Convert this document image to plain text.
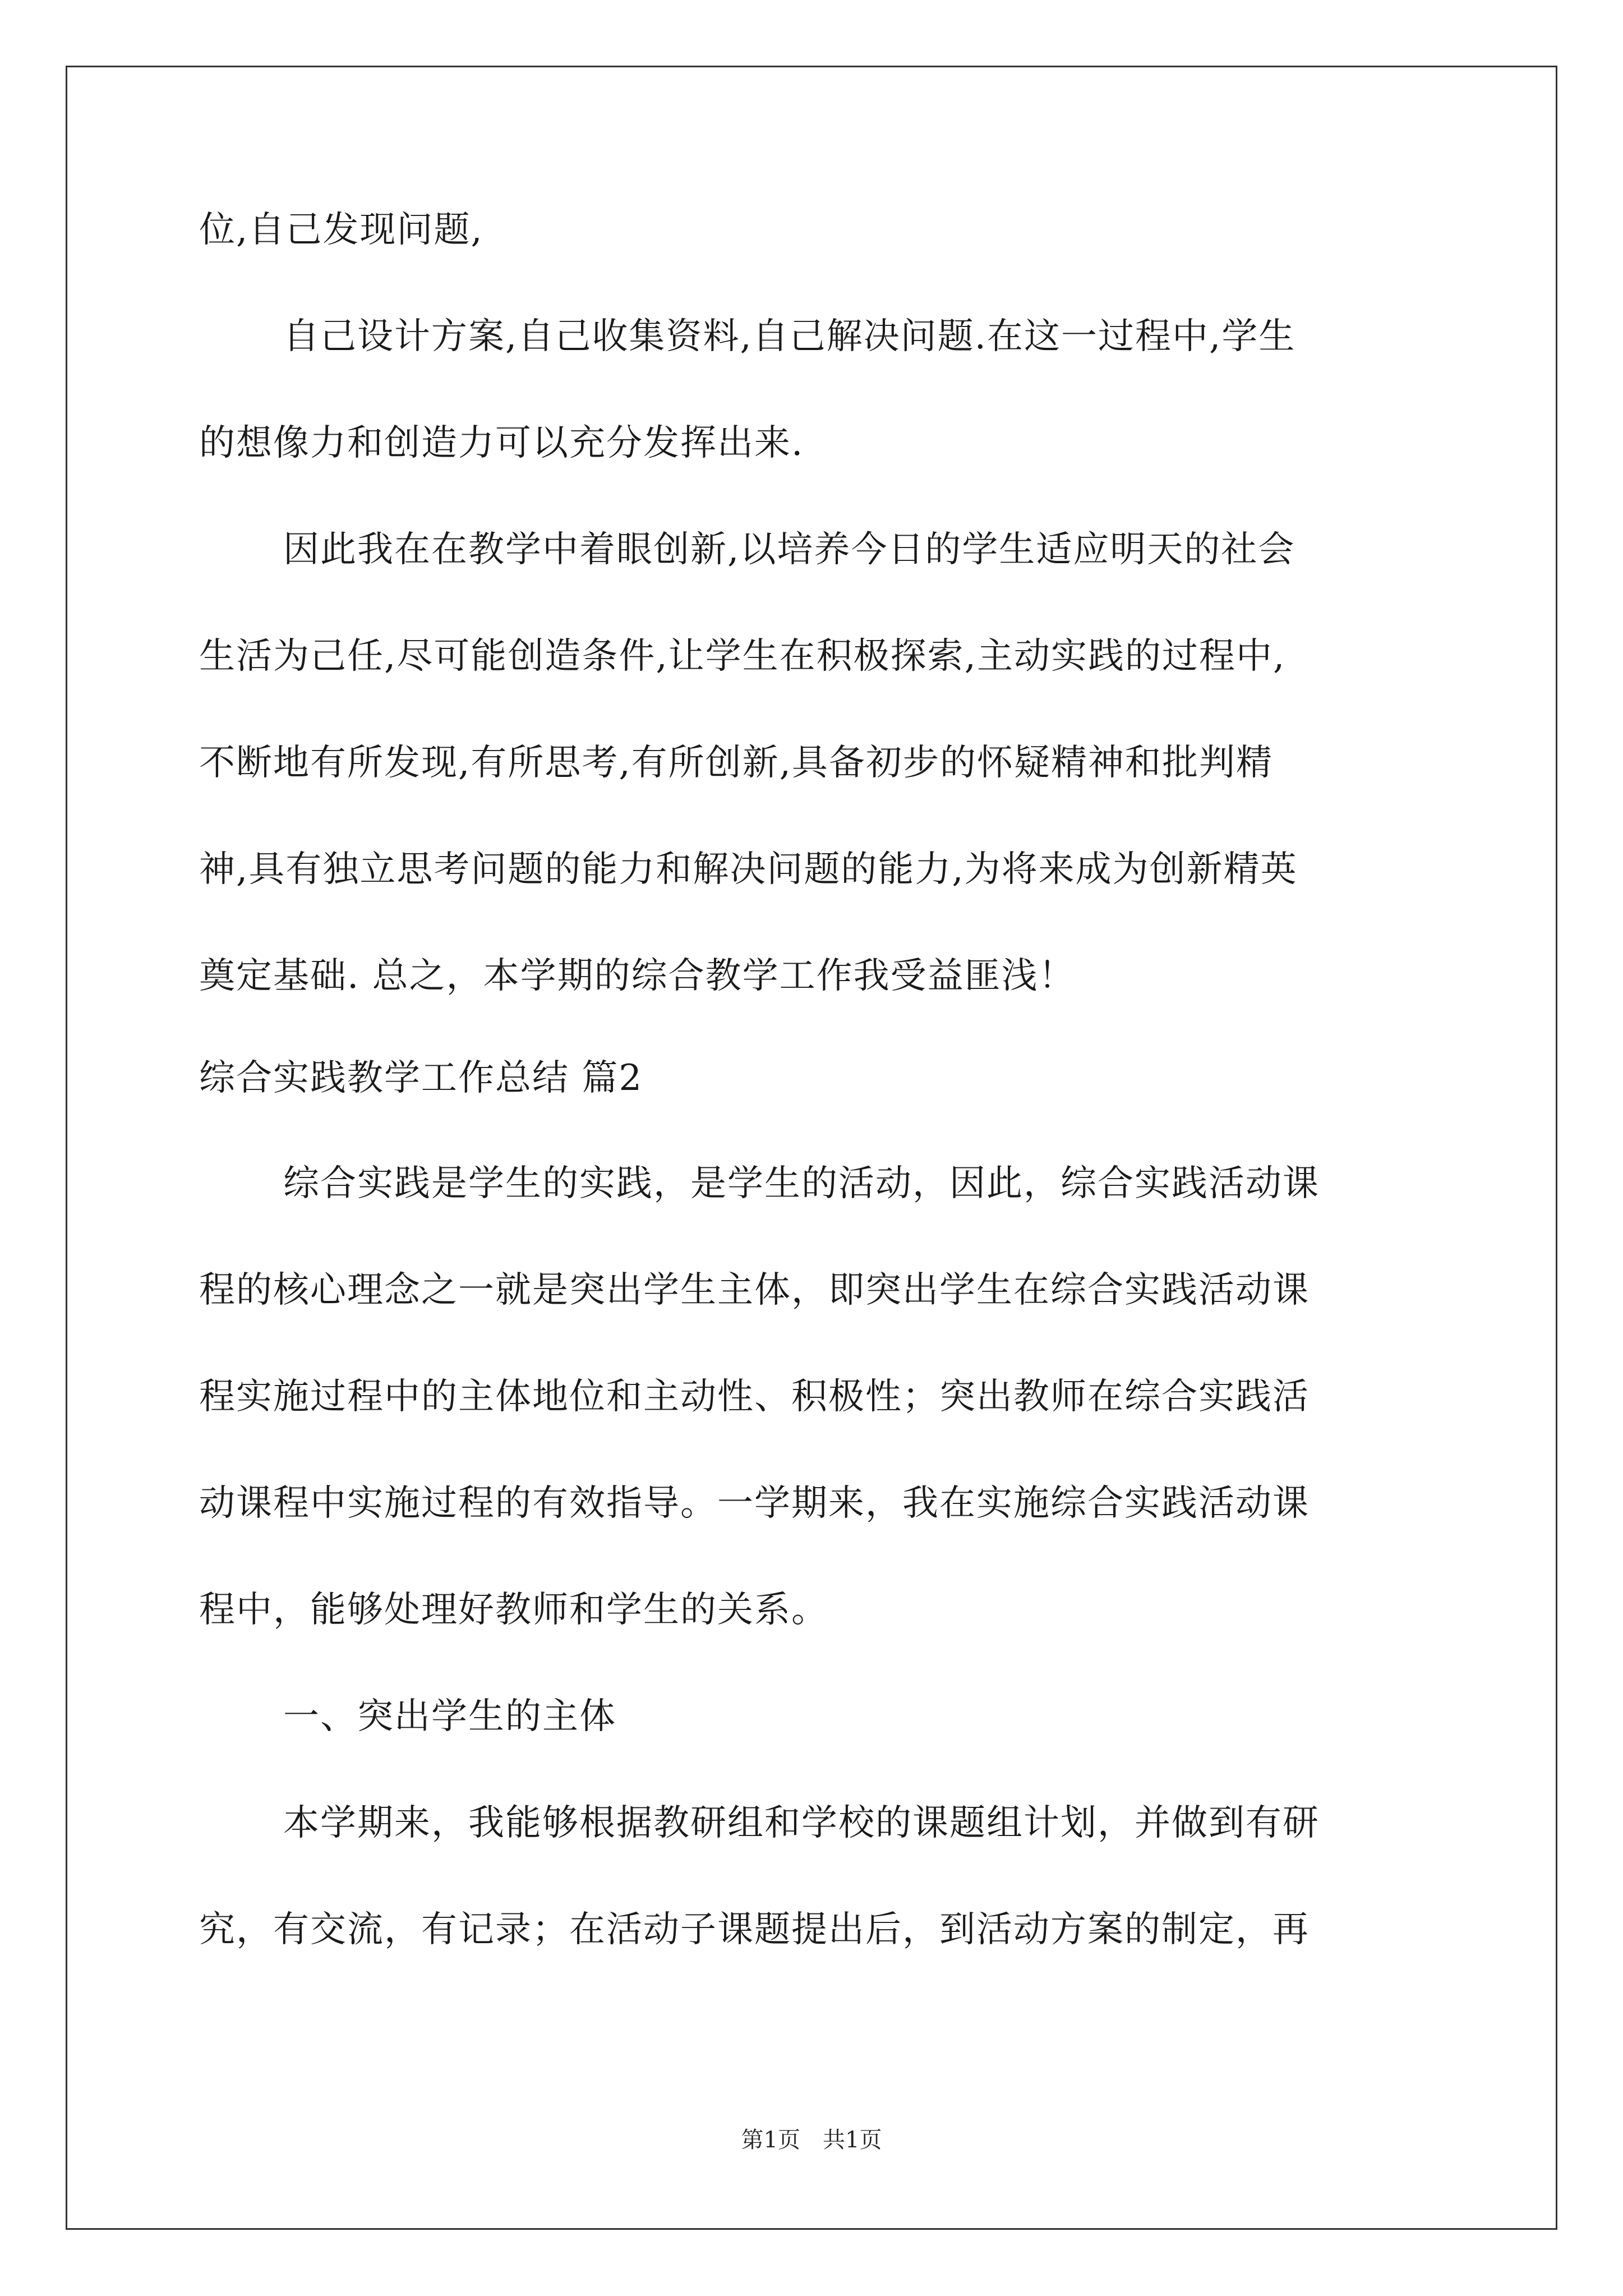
位,自己发现问题,
自己设计方案,自己收集资料,自己解决问题.在这一过程中,学生
的想像力和创造力可以充分发挥出来.
因此我在在教学中着眼创新,以培养今日的学生适应明天的社会
生活为己任,尽可能创造条件,让学生在积极探索,主动实践的过程中,
不断地有所发现,有所思考,有所创新,具备初步的怀疑精神和批判精
神,具有独立思考问题的能力和解决问题的能力,为将来成为创新精英
奠定基础. 总之，本学期的综合教学工作我受益匪浅！
综合实践教学工作总结 篇2
综合实践是学生的实践，是学生的活动，因此，综合实践活动课
程的核心理念之一就是突出学生主体，即突出学生在综合实践活动课
程实施过程中的主体地位和主动性、积极性；突出教师在综合实践活
动课程中实施过程的有效指导。一学期来，我在实施综合实践活动课
程中，能够处理好教师和学生的关系。
一、突出学生的主体
本学期来，我能够根据教研组和学校的课题组计划，并做到有研
究，有交流，有记录；在活动子课题提出后，到活动方案的制定，再
第1页　共1页
